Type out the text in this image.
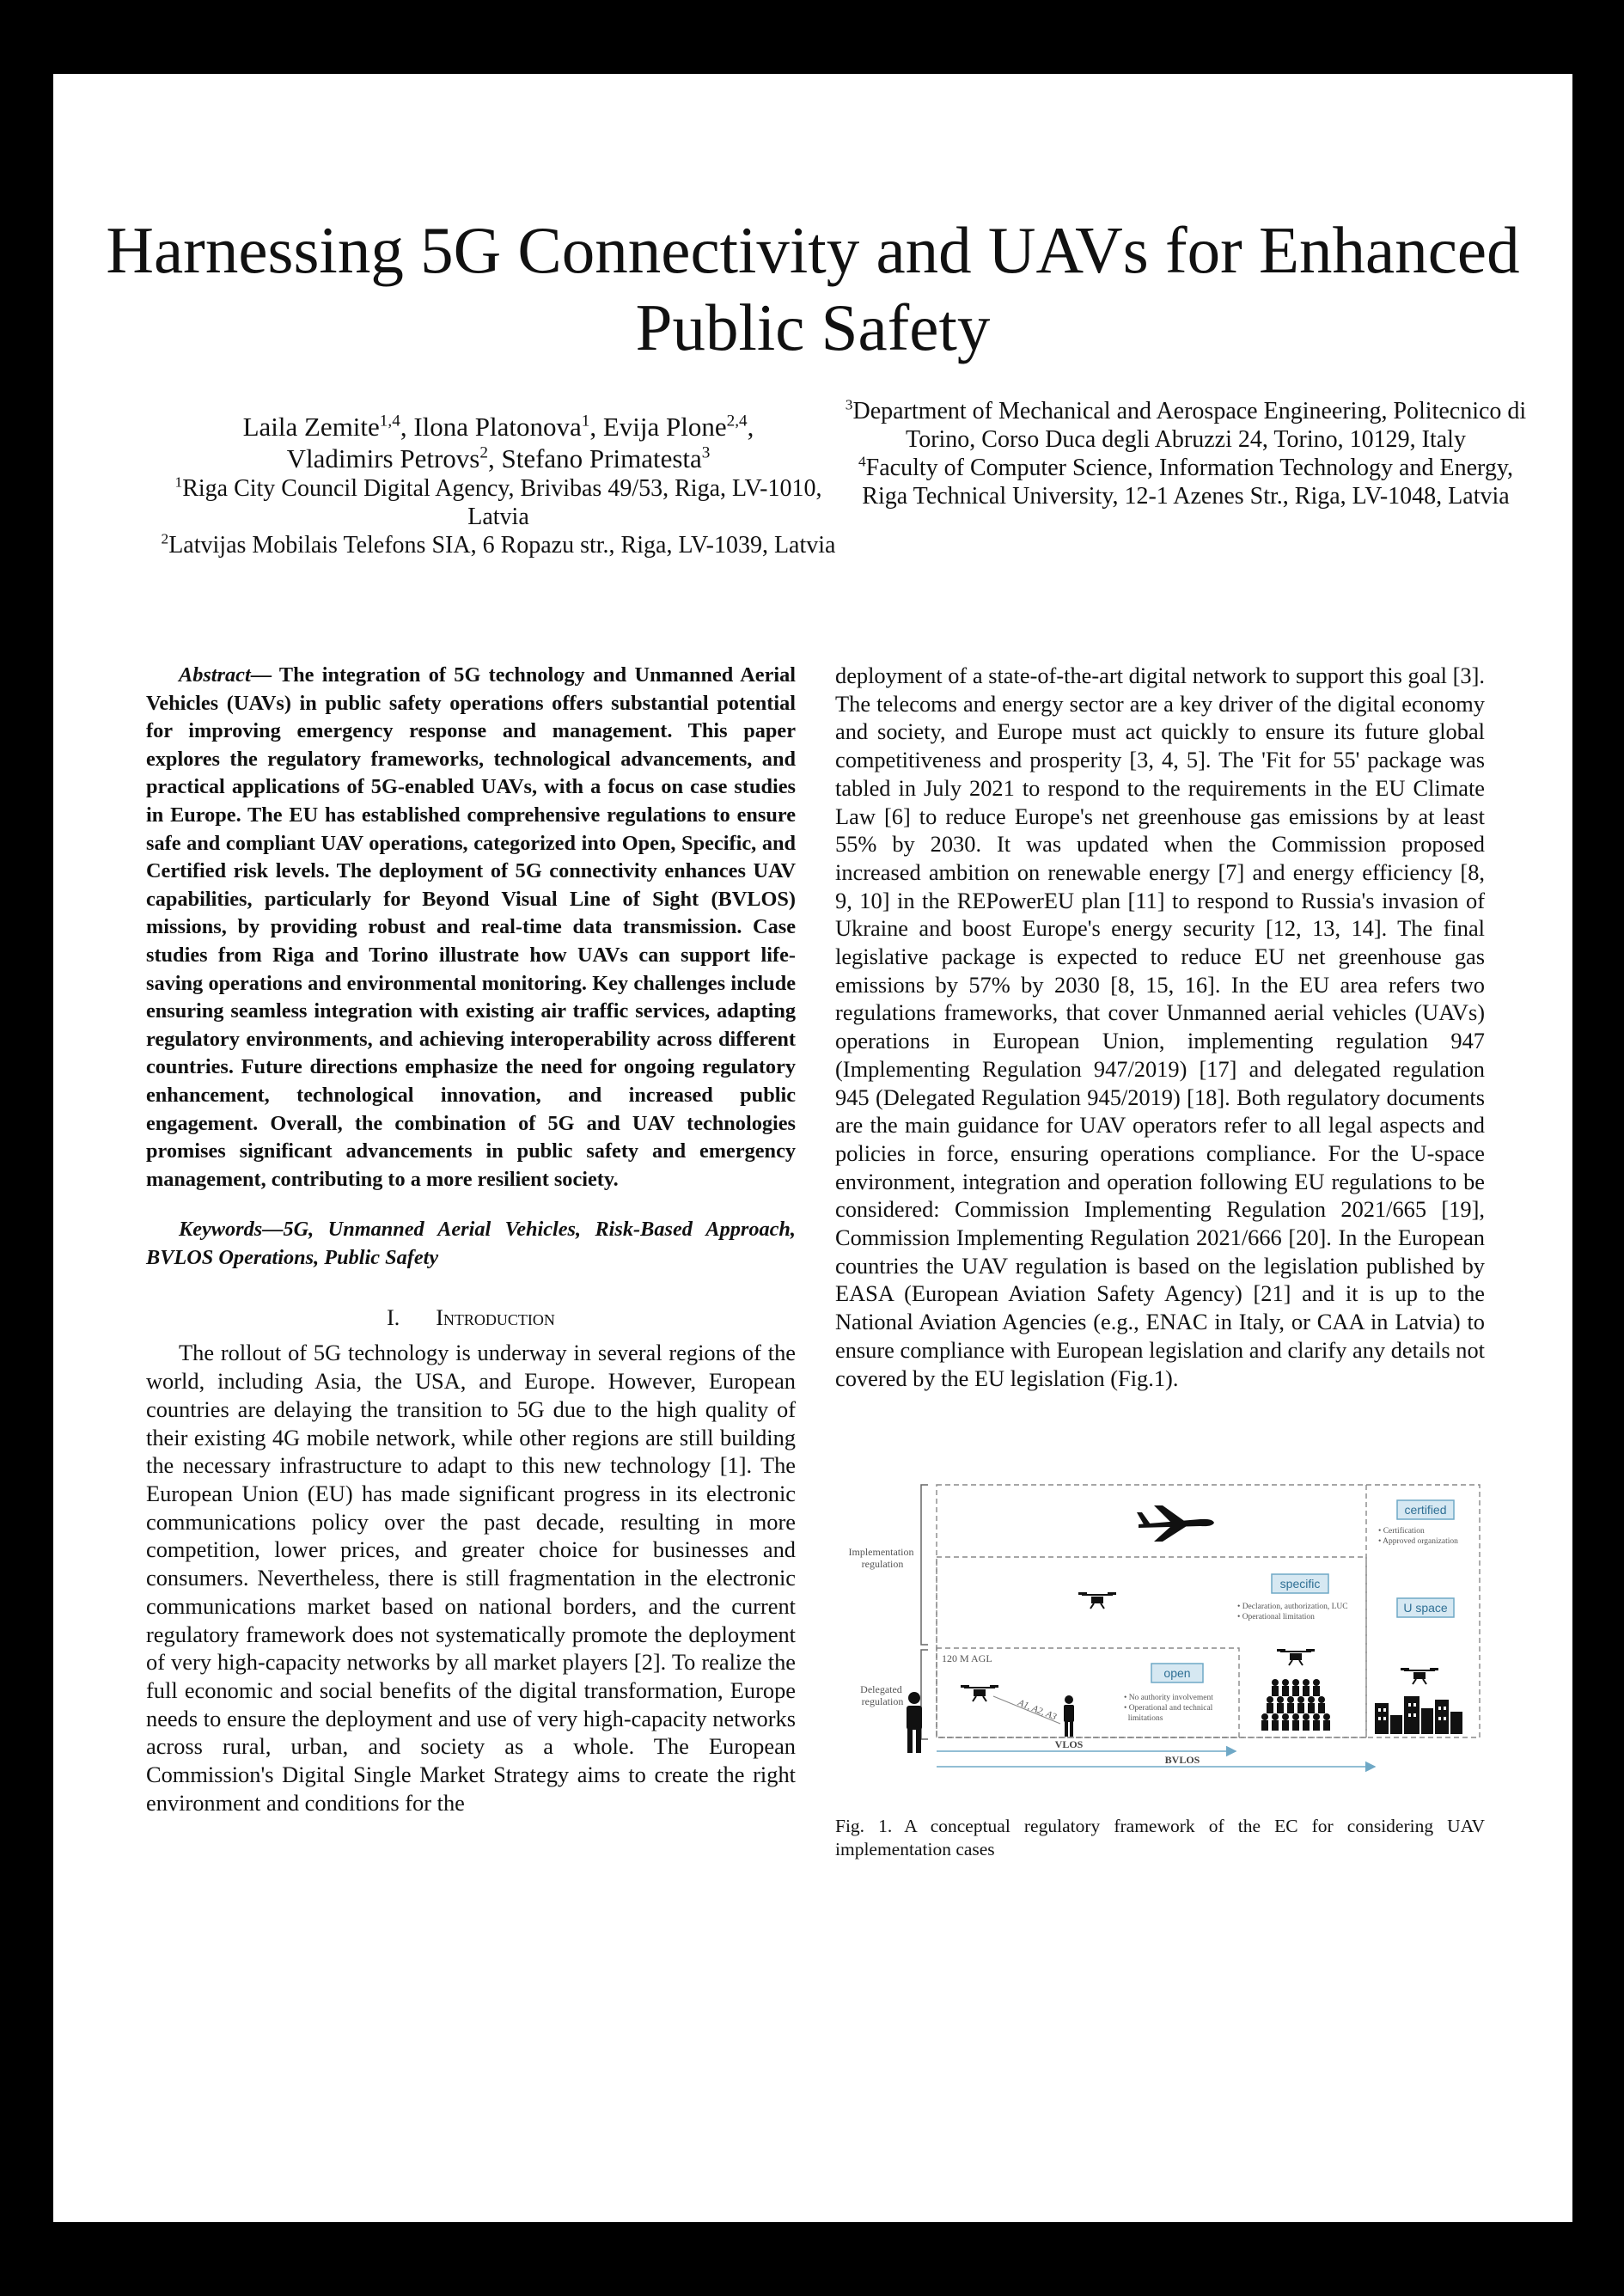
Harnessing 5G Connectivity and UAVs for Enhanced Public Safety
Laila Zemite$^{1,4}$, Ilona Platonova$^1$, Evija Plone$^{2,4}$,
Vladimirs Petrovs$^2$, Stefano Primatesta$^3$
$^1$Riga City Council Digital Agency, Brivibas 49/53, Riga, LV-1010, Latvia
$^2$Latvijas Mobilais Telefons SIA, 6 Ropazu str., Riga, LV-1039, Latvia
$^3$Department of Mechanical and Aerospace Engineering, Politecnico di Torino, Corso Duca degli Abruzzi 24, Torino, 10129, Italy
$^4$Faculty of Computer Science, Information Technology and Energy, Riga Technical University, 12-1 Azenes Str., Riga, LV-1048, Latvia

Abstract— The integration of 5G technology and Unmanned Aerial Vehicles (UAVs) in public safety operations offers substantial potential for improving emergency response and management. This paper explores the regulatory frameworks, technological advancements, and practical applications of 5G-enabled UAVs, with a focus on case studies in Europe. The EU has established comprehensive regulations to ensure safe and compliant UAV operations, categorized into Open, Specific, and Certified risk levels. The deployment of 5G connectivity enhances UAV capabilities, particularly for Beyond Visual Line of Sight (BVLOS) missions, by providing robust and real-time data transmission. Case studies from Riga and Torino illustrate how UAVs can support life-saving operations and environmental monitoring. Key challenges include ensuring seamless integration with existing air traffic services, adapting regulatory environments, and achieving interoperability across different countries. Future directions emphasize the need for ongoing regulatory enhancement, technological innovation, and increased public engagement. Overall, the combination of 5G and UAV technologies promises significant advancements in public safety and emergency management, contributing to a more resilient society.

Keywords—5G, Unmanned Aerial Vehicles, Risk-Based Approach, BVLOS Operations, Public Safety

I. Introduction

The rollout of 5G technology is underway in several regions of the world, including Asia, the USA, and Europe. However, European countries are delaying the transition to 5G due to the high quality of their existing 4G mobile network, while other regions are still building the necessary infrastructure to adapt to this new technology [1]. The European Union (EU) has made significant progress in its electronic communications policy over the past decade, resulting in more competition, lower prices, and greater choice for businesses and consumers. Nevertheless, there is still fragmentation in the electronic communications market based on national borders, and the current regulatory framework does not systematically promote the deployment of very high-capacity networks by all market players [2]. To realize the full economic and social benefits of the digital transformation, Europe needs to ensure the deployment and use of very high-capacity networks across rural, urban, and society as a whole. The European Commission's Digital Single Market Strategy aims to create the right environment and conditions for the

deployment of a state-of-the-art digital network to support this goal [3]. The telecoms and energy sector are a key driver of the digital economy and society, and Europe must act quickly to ensure its future global competitiveness and prosperity [3, 4, 5]. The 'Fit for 55' package was tabled in July 2021 to respond to the requirements in the EU Climate Law [6] to reduce Europe's net greenhouse gas emissions by at least 55% by 2030. It was updated when the Commission proposed increased ambition on renewable energy [7] and energy efficiency [8, 9, 10] in the REPowerEU plan [11] to respond to Russia's invasion of Ukraine and boost Europe's energy security [12, 13, 14]. The final legislative package is expected to reduce EU net greenhouse gas emissions by 57% by 2030 [8, 15, 16]. In the EU area refers two regulations frameworks, that cover Unmanned aerial vehicles (UAVs) operations in European Union, implementing regulation 947 (Implementing Regulation 947/2019) [17] and delegated regulation 945 (Delegated Regulation 945/2019) [18]. Both regulatory documents are the main guidance for UAV operators refer to all legal aspects and policies in force, ensuring operations compliance. For the U-space environment, integration and operation following EU regulations to be considered: Commission Implementing Regulation 2021/665 [19], Commission Implementing Regulation 2021/666 [20]. In the European countries the UAV regulation is based on the legislation published by EASA (European Aviation Safety Agency) [21] and it is up to the National Aviation Agencies (e.g., ENAC in Italy, or CAA in Latvia) to ensure compliance with European legislation and clarify any details not covered by the EU legislation (Fig.1).

Implementation regulation
Delegated regulation
certified
• Certification
• Approved organization
specific
• Declaration, authorization, LUC
• Operational limitation
U space
open
• No authority involvement
• Operational and technical
limitations
120 M AGL
A1, A2, A3
VLOS
BVLOS
Fig. 1. A conceptual regulatory framework of the EC for considering UAV implementation cases
